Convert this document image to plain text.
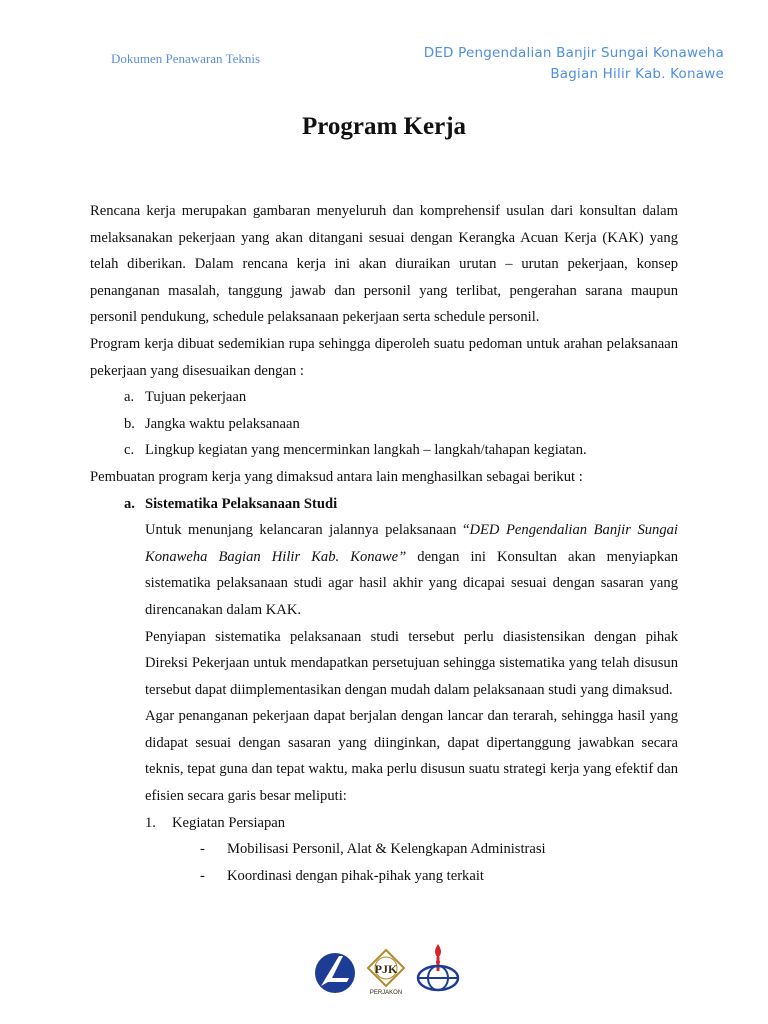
Dokumen Penawaran Teknis	DED Pengendalian Banjir Sungai Konaweha
Bagian Hilir Kab. Konawe
Program Kerja

Rencana kerja merupakan gambaran menyeluruh dan komprehensif usulan dari konsultan dalam melaksanakan pekerjaan yang akan ditangani sesuai dengan Kerangka Acuan Kerja (KAK) yang telah diberikan. Dalam rencana kerja ini akan diuraikan urutan – urutan pekerjaan, konsep penanganan masalah, tanggung jawab dan personil yang terlibat, pengerahan sarana maupun personil pendukung, schedule pelaksanaan pekerjaan serta schedule personil.

Program kerja dibuat sedemikian rupa sehingga diperoleh suatu pedoman untuk arahan pelaksanaan pekerjaan yang disesuaikan dengan :

a. Tujuan pekerjaan
b. Jangka waktu pelaksanaan
c. Lingkup kegiatan yang mencerminkan langkah – langkah/tahapan kegiatan.

Pembuatan program kerja yang dimaksud antara lain menghasilkan sebagai berikut :

a. Sistematika Pelaksanaan Studi

Untuk menunjang kelancaran jalannya pelaksanaan “DED Pengendalian Banjir Sungai Konaweha Bagian Hilir Kab. Konawe” dengan ini Konsultan akan menyiapkan sistematika pelaksanaan studi agar hasil akhir yang dicapai sesuai dengan sasaran yang direncanakan dalam KAK.

Penyiapan sistematika pelaksanaan studi tersebut perlu diasistensikan dengan pihak Direksi Pekerjaan untuk mendapatkan persetujuan sehingga sistematika yang telah disusun tersebut dapat diimplementasikan dengan mudah dalam pelaksanaan studi yang dimaksud.

Agar penanganan pekerjaan dapat berjalan dengan lancar dan terarah, sehingga hasil yang didapat sesuai dengan sasaran yang diinginkan, dapat dipertanggung jawabkan secara teknis, tepat guna dan tepat waktu, maka perlu disusun suatu strategi kerja yang efektif dan efisien secara garis besar meliputi:

1. Kegiatan Persiapan
- Mobilisasi Personil, Alat & Kelengkapan Administrasi
- Koordinasi dengan pihak-pihak yang terkait
PJK
PERJAKON
